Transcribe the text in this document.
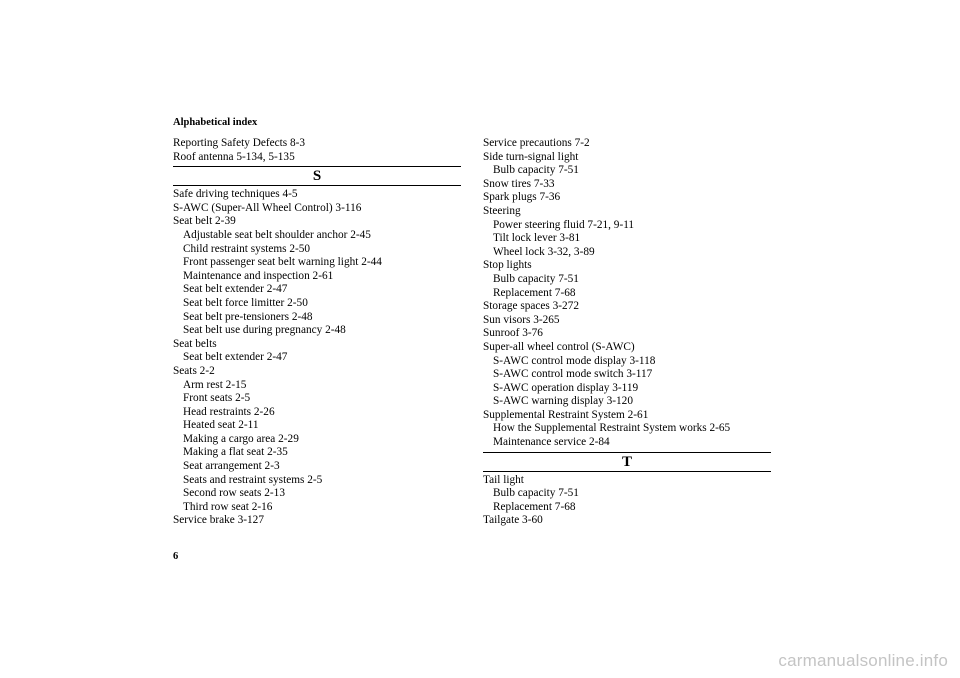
Alphabetical index
Reporting Safety Defects 8-3
Roof antenna 5-134, 5-135
S
Safe driving techniques 4-5
S-AWC (Super-All Wheel Control) 3-116
Seat belt 2-39
Adjustable seat belt shoulder anchor 2-45
Child restraint systems 2-50
Front passenger seat belt warning light 2-44
Maintenance and inspection 2-61
Seat belt extender 2-47
Seat belt force limitter 2-50
Seat belt pre-tensioners 2-48
Seat belt use during pregnancy 2-48
Seat belts
Seat belt extender 2-47
Seats 2-2
Arm rest 2-15
Front seats 2-5
Head restraints 2-26
Heated seat 2-11
Making a cargo area 2-29
Making a flat seat 2-35
Seat arrangement 2-3
Seats and restraint systems 2-5
Second row seats 2-13
Third row seat 2-16
Service brake 3-127
Service precautions 7-2
Side turn-signal light
Bulb capacity 7-51
Snow tires 7-33
Spark plugs 7-36
Steering
Power steering fluid 7-21, 9-11
Tilt lock lever 3-81
Wheel lock 3-32, 3-89
Stop lights
Bulb capacity 7-51
Replacement 7-68
Storage spaces 3-272
Sun visors 3-265
Sunroof 3-76
Super-all wheel control (S-AWC)
S-AWC control mode display 3-118
S-AWC control mode switch 3-117
S-AWC operation display 3-119
S-AWC warning display 3-120
Supplemental Restraint System 2-61
How the Supplemental Restraint System works 2-65
Maintenance service 2-84
T
Tail light
Bulb capacity 7-51
Replacement 7-68
Tailgate 3-60
6
carmanualsonline.info
